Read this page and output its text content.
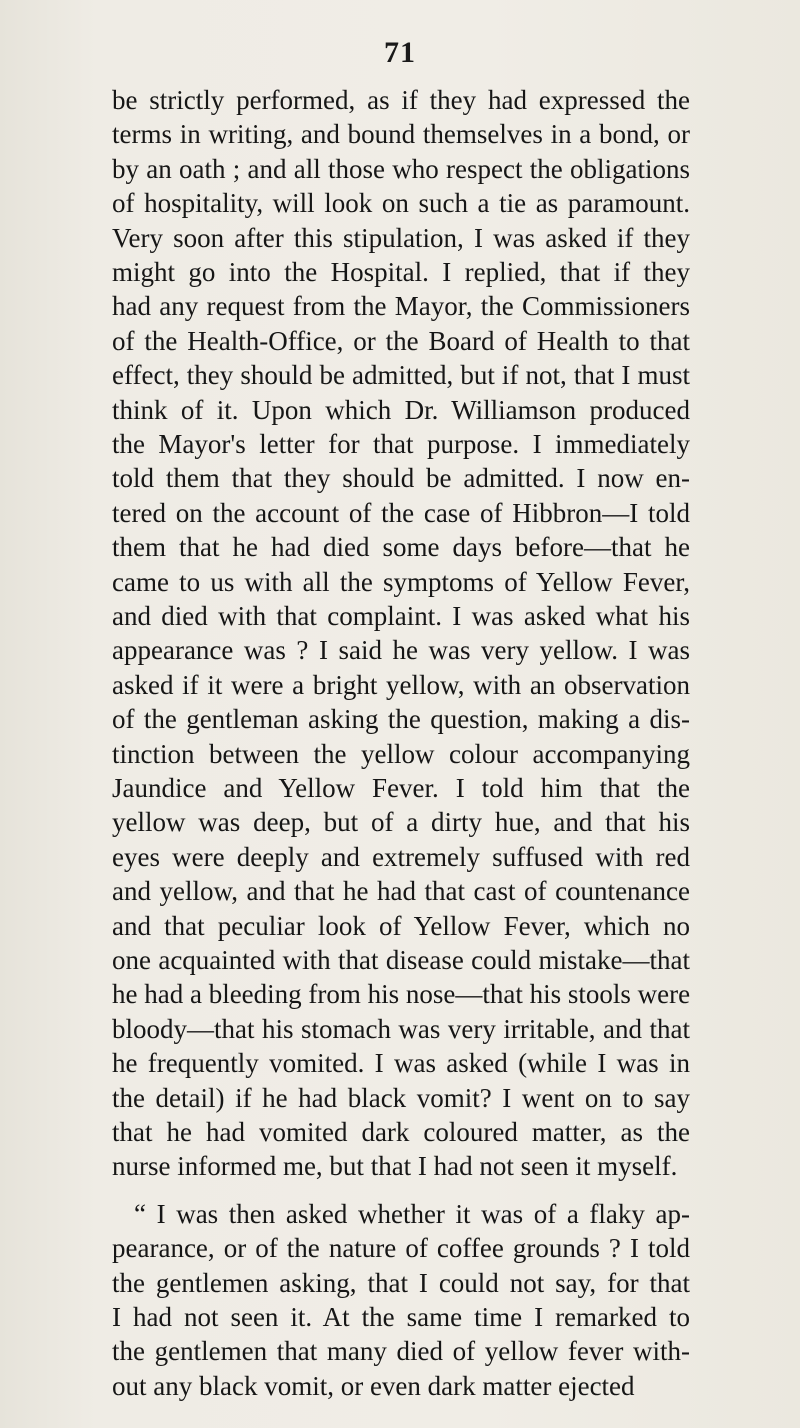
71
be strictly performed, as if they had expressed the
terms in writing, and bound themselves in a bond, or
by an oath ; and all those who respect the obligations
of hospitality, will look on such a tie as paramount.
Very soon after this stipulation, I was asked if they
might go into the Hospital. I replied, that if they
had any request from the Mayor, the Commissioners
of the Health-Office, or the Board of Health to that
effect, they should be admitted, but if not, that I must
think of it. Upon which Dr. Williamson produced
the Mayor's letter for that purpose. I immediately
told them that they should be admitted. I now en-
tered on the account of the case of Hibbron—I told
them that he had died some days before—that he
came to us with all the symptoms of Yellow Fever,
and died with that complaint. I was asked what his
appearance was ? I said he was very yellow. I was
asked if it were a bright yellow, with an observation
of the gentleman asking the question, making a dis-
tinction between the yellow colour accompanying
Jaundice and Yellow Fever. I told him that the
yellow was deep, but of a dirty hue, and that his
eyes were deeply and extremely suffused with red
and yellow, and that he had that cast of countenance
and that peculiar look of Yellow Fever, which no
one acquainted with that disease could mistake—that
he had a bleeding from his nose—that his stools were
bloody—that his stomach was very irritable, and that
he frequently vomited. I was asked (while I was in
the detail) if he had black vomit? I went on to say
that he had vomited dark coloured matter, as the
nurse informed me, but that I had not seen it myself.
“ I was then asked whether it was of a flaky ap-
pearance, or of the nature of coffee grounds ? I told
the gentlemen asking, that I could not say, for that
I had not seen it. At the same time I remarked to
the gentlemen that many died of yellow fever with-
out any black vomit, or even dark matter ejected
